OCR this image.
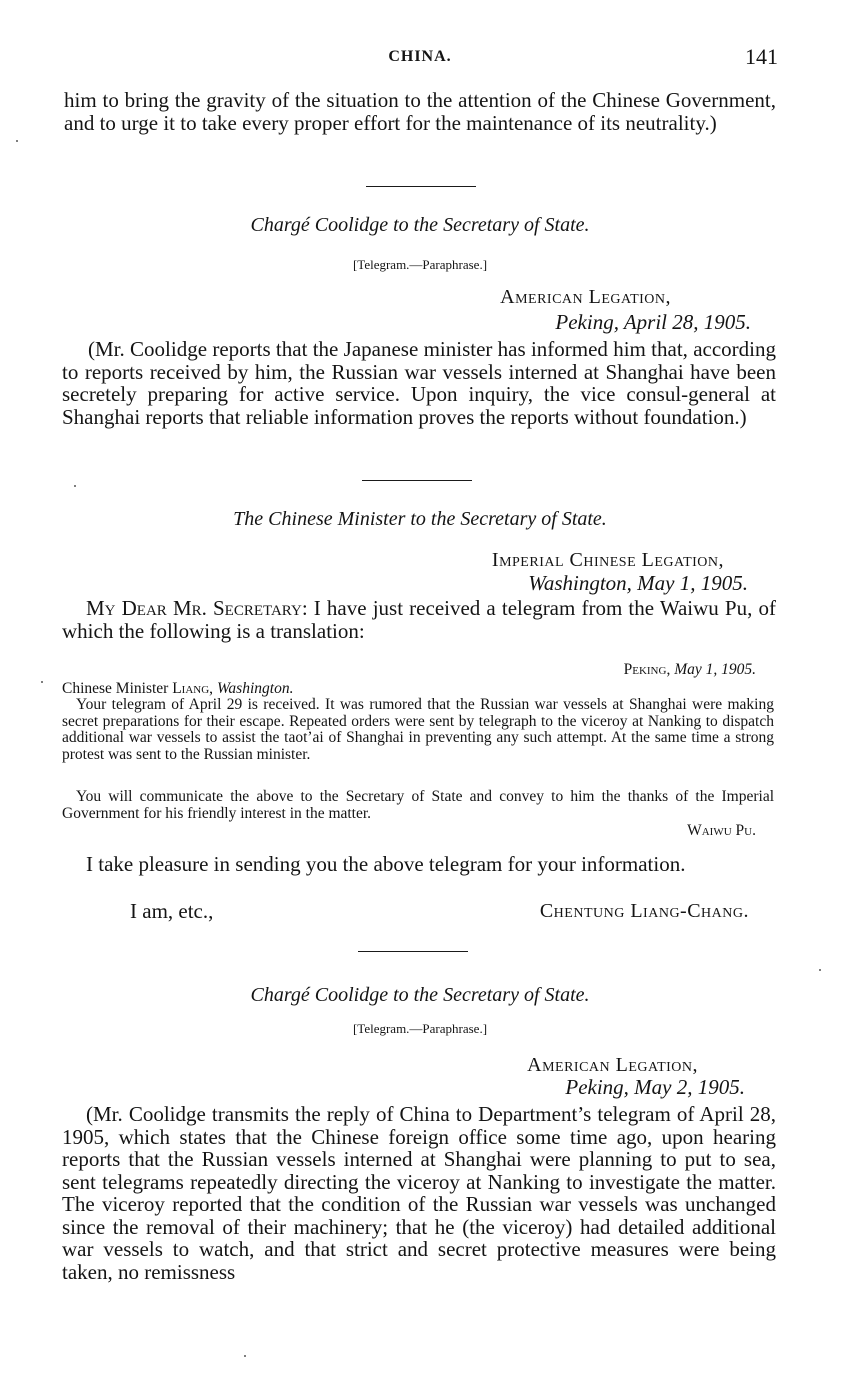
CHINA.	141

him to bring the gravity of the situation to the attention of the Chinese Government, and to urge it to take every proper effort for the maintenance of its neutrality.)

Chargé Coolidge to the Secretary of State.
[Telegram.—Paraphrase.]
American Legation,
Peking, April 28, 1905.

(Mr. Coolidge reports that the Japanese minister has informed him that, according to reports received by him, the Russian war vessels interned at Shanghai have been secretely preparing for active service. Upon inquiry, the vice consul-general at Shanghai reports that reliable information proves the reports without foundation.)

The Chinese Minister to the Secretary of State.
Imperial Chinese Legation,
Washington, May 1, 1905.

My Dear Mr. Secretary: I have just received a telegram from the Waiwu Pu, of which the following is a translation:

Peking, May 1, 1905.
Chinese Minister Liang, Washington.

Your telegram of April 29 is received. It was rumored that the Russian war vessels at Shanghai were making secret preparations for their escape. Repeated orders were sent by telegraph to the viceroy at Nanking to dispatch additional war vessels to assist the taot’ai of Shanghai in preventing any such attempt. At the same time a strong protest was sent to the Russian minister.

You will communicate the above to the Secretary of State and convey to him the thanks of the Imperial Government for his friendly interest in the matter.

Waiwu Pu.

I take pleasure in sending you the above telegram for your information.

I am, etc.,	Chentung Liang-Chang.
Chargé Coolidge to the Secretary of State.
[Telegram.—Paraphrase.]
American Legation,
Peking, May 2, 1905.

(Mr. Coolidge transmits the reply of China to Department’s telegram of April 28, 1905, which states that the Chinese foreign office some time ago, upon hearing reports that the Russian vessels interned at Shanghai were planning to put to sea, sent telegrams repeatedly directing the viceroy at Nanking to investigate the matter. The viceroy reported that the condition of the Russian war vessels was unchanged since the removal of their machinery; that he (the viceroy) had detailed additional war vessels to watch, and that strict and secret protective measures were being taken, no remissness
